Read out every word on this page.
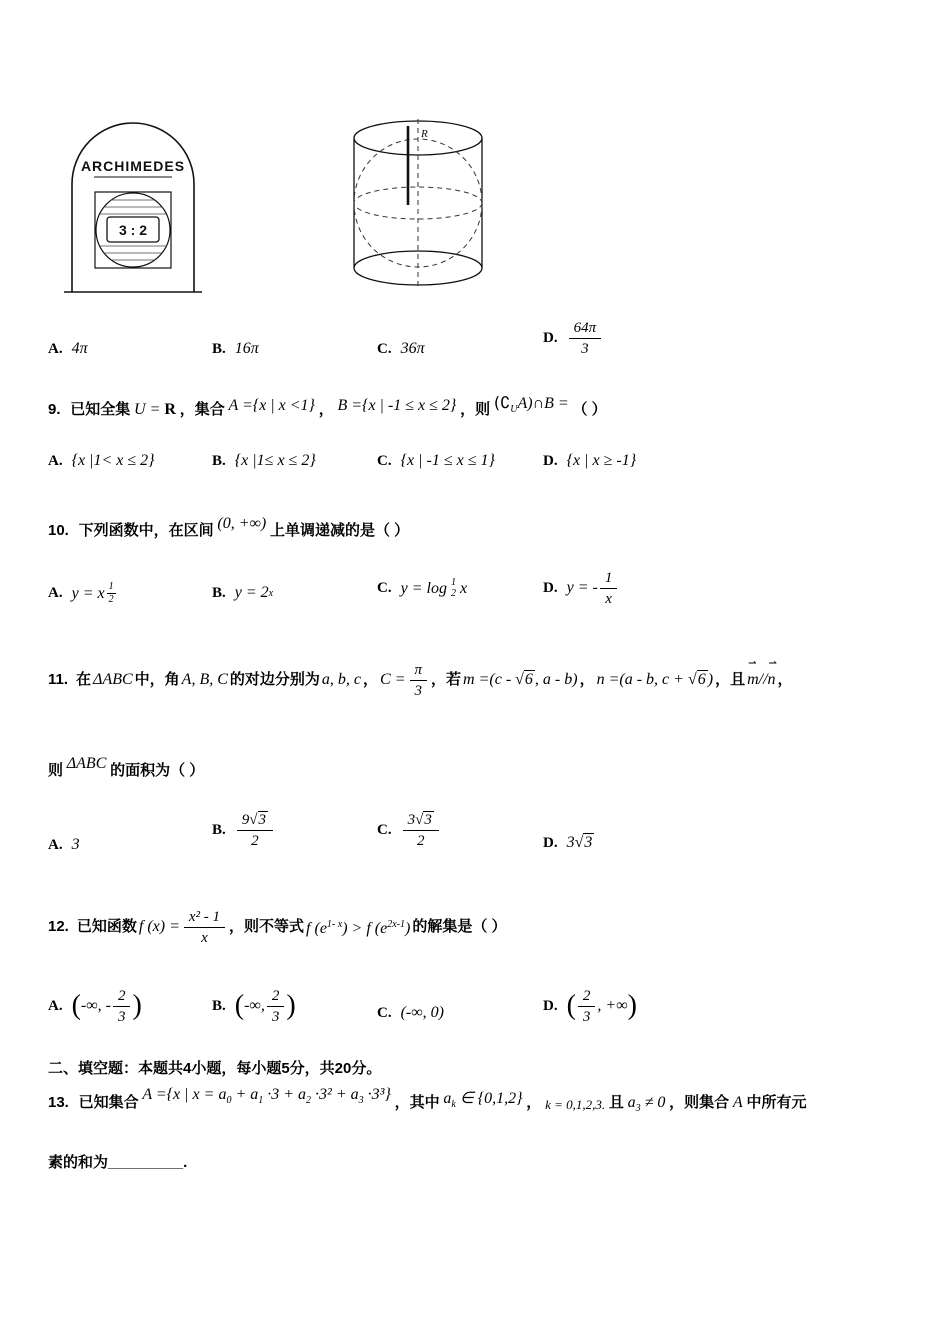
ARCHIMEDES
3 : 2
R
A. 4π	B. 16π	C. 36π
D. $\frac{64\pi}{3}$
9. 已知全集 U = R ，集合 A ={x | x <1} ， B ={x | -1 ≤ x ≤ 2} ，则 $(∁_UA)\cap B$ = （ ）
A. {x |1< x ≤ 2}	B. {x |1≤ x ≤ 2}	C. {x | -1 ≤ x ≤ 1}	D. {x | x ≥ -1}
10. 下列函数中，在区间 (0, +∞) 上单调递减的是（ ）
A. y = x $\frac{1}{2}$	B. y = 2 x	C. y = log 1
2 x	D. y = - $\frac{1}{x}$
11. 在 ΔABC 中，角 A, B, C 的对边分别为 a, b, c ， $C = \frac{\pi}{3}$ ，若 m =(c - √6 , a - b) ， n =(a - b, c + √6 ) ，且
⇀
m//
⇀
n ，
则 ΔABC 的面积为（ ）
A. 3
B. $\frac{9√3}{2}$	C. $\frac{3√3}{2}$	D. 3√3
12. 已知函数 f $(x) = \frac{\text{x² - 1}}{x}$ ，则不等式 f $(e^{1- x}) > f$ $(e^{2x-1})$ 的解集是（ ）
A. ( -∞, - $\frac{2}{3}$ )	B. ( -∞, $\frac{2}{3}$ )	C. (-∞, 0)	D. ( $\frac{2}{3}$ , +∞ )
二、填空题：本题共4小题，每小题5分，共20分。
13. 已知集合 A ={x | $x = a_0 + a_1 \cdot 3 + a_2 \cdot 3^2 + a_3 \cdot 3^3$} ，其中 $a_k$ ∈ {0,1,2} ， k = 0,1,2,3. 且 $a_3 \ne 0$ ，则集合 A 中所有元
素的和为_________.
